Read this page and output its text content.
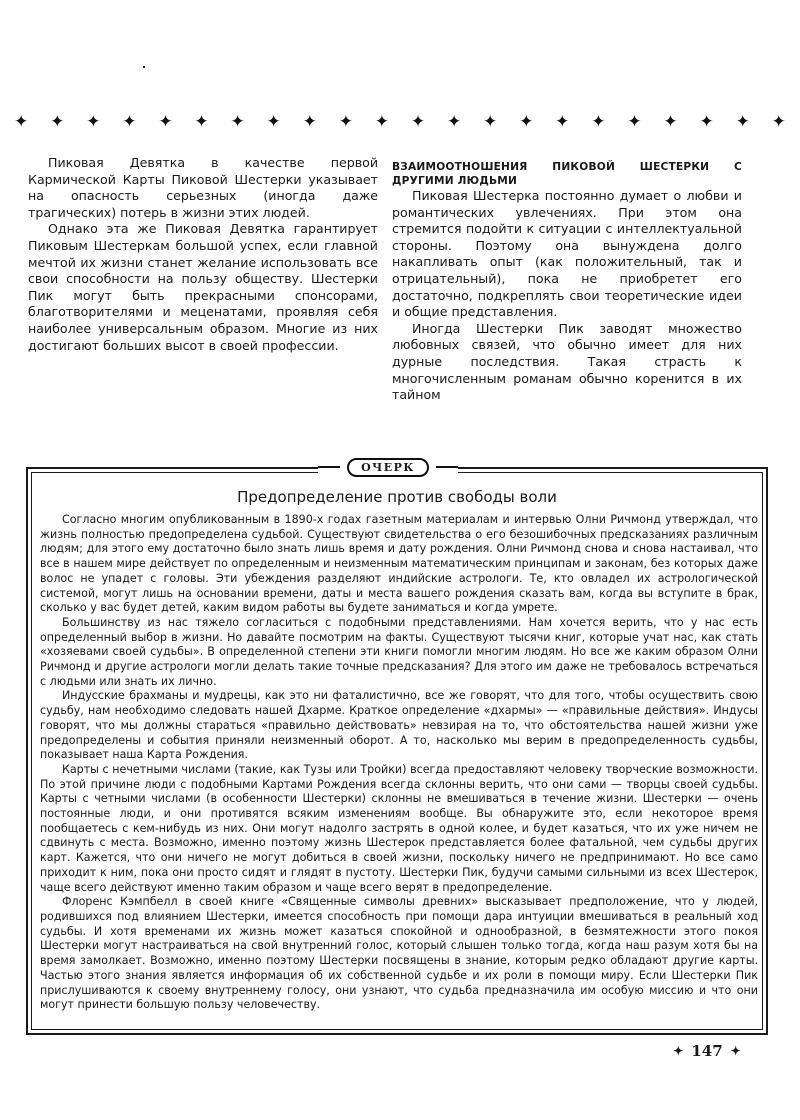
✦ ✦ ✦ ✦ ✦ ✦ ✦ ✦ ✦ ✦ ✦ ✦ ✦ ✦ ✦ ✦ ✦ ✦ ✦ ✦ ✦ ✦

Пиковая Девятка в качестве первой Кармической Карты Пиковой Шестерки указывает на опасность серьезных (иногда даже трагических) потерь в жизни этих людей.

Однако эта же Пиковая Девятка гарантирует Пиковым Шестеркам большой успех, если главной мечтой их жизни станет желание использовать все свои способности на пользу обществу. Шестерки Пик могут быть прекрасными спонсорами, благотворителями и меценатами, проявляя себя наиболее универсальным образом. Многие из них достигают больших высот в своей профессии.

ВЗАИМООТНОШЕНИЯ ПИКОВОЙ ШЕСТЕРКИ С ДРУГИМИ ЛЮДЬМИ

Пиковая Шестерка постоянно думает о любви и романтических увлечениях. При этом она стремится подойти к ситуации с интеллектуальной стороны. Поэтому она вынуждена долго накапливать опыт (как положительный, так и отрицательный), пока не приобретет его достаточно, подкреплять свои теоретические идеи и общие представления.

Иногда Шестерки Пик заводят множество любовных связей, что обычно имеет для них дурные последствия. Такая страсть к многочисленным романам обычно коренится в их тайном

ОЧЕРК
Предопределение против свободы воли

Согласно многим опубликованным в 1890-х годах газетным материалам и интервью Олни Ричмонд утверждал, что жизнь полностью предопределена судьбой. Существуют свидетельства о его безошибочных предсказаниях различным людям; для этого ему достаточно было знать лишь время и дату рождения. Олни Ричмонд снова и снова настаивал, что все в нашем мире действует по определенным и неизменным математическим принципам и законам, без которых даже волос не упадет с головы. Эти убеждения разделяют индийские астрологи. Те, кто овладел их астрологической системой, могут лишь на основании времени, даты и места вашего рождения сказать вам, когда вы вступите в брак, сколько у вас будет детей, каким видом работы вы будете заниматься и когда умрете.

Большинству из нас тяжело согласиться с подобными представлениями. Нам хочется верить, что у нас есть определенный выбор в жизни. Но давайте посмотрим на факты. Существуют тысячи книг, которые учат нас, как стать «хозяевами своей судьбы». В определенной степени эти книги помогли многим людям. Но все же каким образом Олни Ричмонд и другие астрологи могли делать такие точные предсказания? Для этого им даже не требовалось встречаться с людьми или знать их лично.

Индусские брахманы и мудрецы, как это ни фаталистично, все же говорят, что для того, чтобы осуществить свою судьбу, нам необходимо следовать нашей Дхарме. Краткое определение «дхармы» — «правильные действия». Индусы говорят, что мы должны стараться «правильно действовать» невзирая на то, что обстоятельства нашей жизни уже предопределены и события приняли неизменный оборот. А то, насколько мы верим в предопределенность судьбы, показывает наша Карта Рождения.

Карты с нечетными числами (такие, как Тузы или Тройки) всегда предоставляют человеку творческие возможности. По этой причине люди с подобными Картами Рождения всегда склонны верить, что они сами — творцы своей судьбы. Карты с четными числами (в особенности Шестерки) склонны не вмешиваться в течение жизни. Шестерки — очень постоянные люди, и они противятся всяким изменениям вообще. Вы обнаружите это, если некоторое время пообщаетесь с кем-нибудь из них. Они могут надолго застрять в одной колее, и будет казаться, что их уже ничем не сдвинуть с места. Возможно, именно поэтому жизнь Шестерок представляется более фатальной, чем судьбы других карт. Кажется, что они ничего не могут добиться в своей жизни, поскольку ничего не предпринимают. Но все само приходит к ним, пока они просто сидят и глядят в пустоту. Шестерки Пик, будучи самыми сильными из всех Шестерок, чаще всего действуют именно таким образом и чаще всего верят в предопределение.

Флоренс Кэмпбелл в своей книге «Священные символы древних» высказывает предположение, что у людей, родившихся под влиянием Шестерки, имеется способность при помощи дара интуиции вмешиваться в реальный ход судьбы. И хотя временами их жизнь может казаться спокойной и однообразной, в безмятежности этого покоя Шестерки могут настраиваться на свой внутренний голос, который слышен только тогда, когда наш разум хотя бы на время замолкает. Возможно, именно поэтому Шестерки посвящены в знание, которым редко обладают другие карты. Частью этого знания является информация об их собственной судьбе и их роли в помощи миру. Если Шестерки Пик прислушиваются к своему внутреннему голосу, они узнают, что судьба предназначила им особую миссию и что они могут принести большую пользу человечеству.

✦ 147 ✦
